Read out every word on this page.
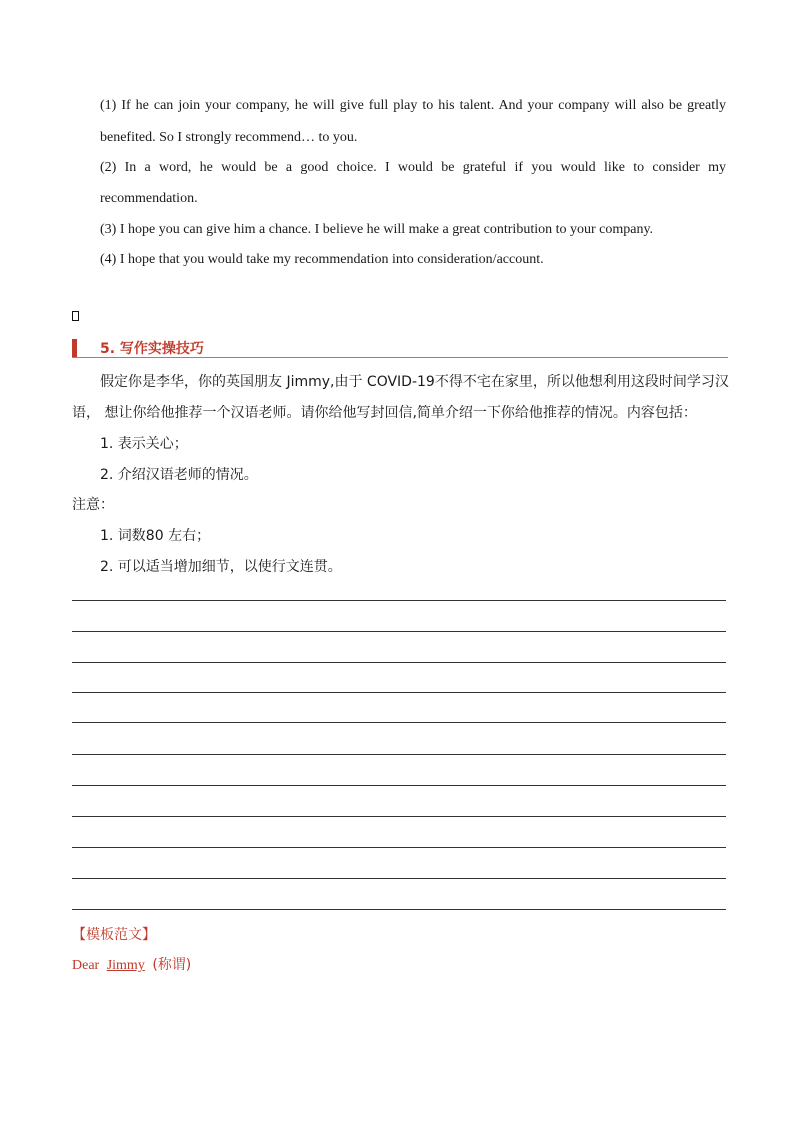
(1) If he can join your company, he will give full play to his talent. And your company will also be greatly
benefited. So I strongly recommend… to you.
(2) In a word, he would be a good choice. I would be grateful if you would like to consider my
recommendation.
(3) I hope you can give him a chance. I believe he will make a great contribution to your company.
(4) I hope that you would take my recommendation into consideration/account.
5. 写作实操技巧
假定你是李华，你的英国朋友 Jimmy,由于 COVID-19不得不宅在家里，所以他想利用这段时间学习汉
语， 想让你给他推荐一个汉语老师。请你给他写封回信,简单介绍一下你给他推荐的情况。内容包括：
1. 表示关心；
2. 介绍汉语老师的情况。
注意：
1. 词数80 左右；
2. 可以适当增加细节，以使行文连贯。
【模板范文】
Dear Jimmy (称谓)
